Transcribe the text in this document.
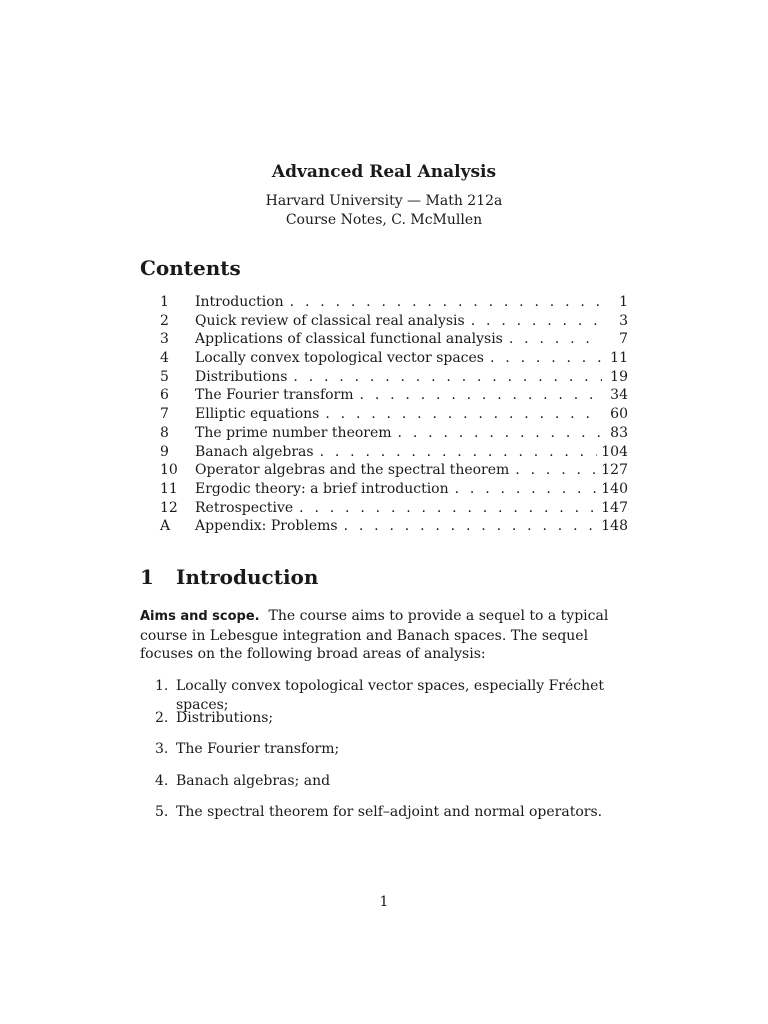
Advanced Real Analysis

Harvard University — Math 212a

Course Notes, C. McMullen

Contents
1	Introduction . . .	1
2	Quick review of classical real analysis . . .	3
3	Applications of classical functional analysis . . .	7
4	Locally convex topological vector spaces . . .	11
5	Distributions . . .	19
6	The Fourier transform . . .	34
7	Elliptic equations . . .	60
8	The prime number theorem . . .	83
9	Banach algebras . . .	104
10	Operator algebras and the spectral theorem . . .	127
11	Ergodic theory: a brief introduction . . .	140
12	Retrospective . . .	147
A	Appendix: Problems . . .	148
1 Introduction

Aims and scope. The course aims to provide a sequel to a typical course in Lebesgue integration and Banach spaces. The sequel focuses on the following broad areas of analysis:

1. Locally convex topological vector spaces, especially Fréchet spaces;
2. Distributions;
3. The Fourier transform;
4. Banach algebras; and
5. The spectral theorem for self–adjoint and normal operators.
1
